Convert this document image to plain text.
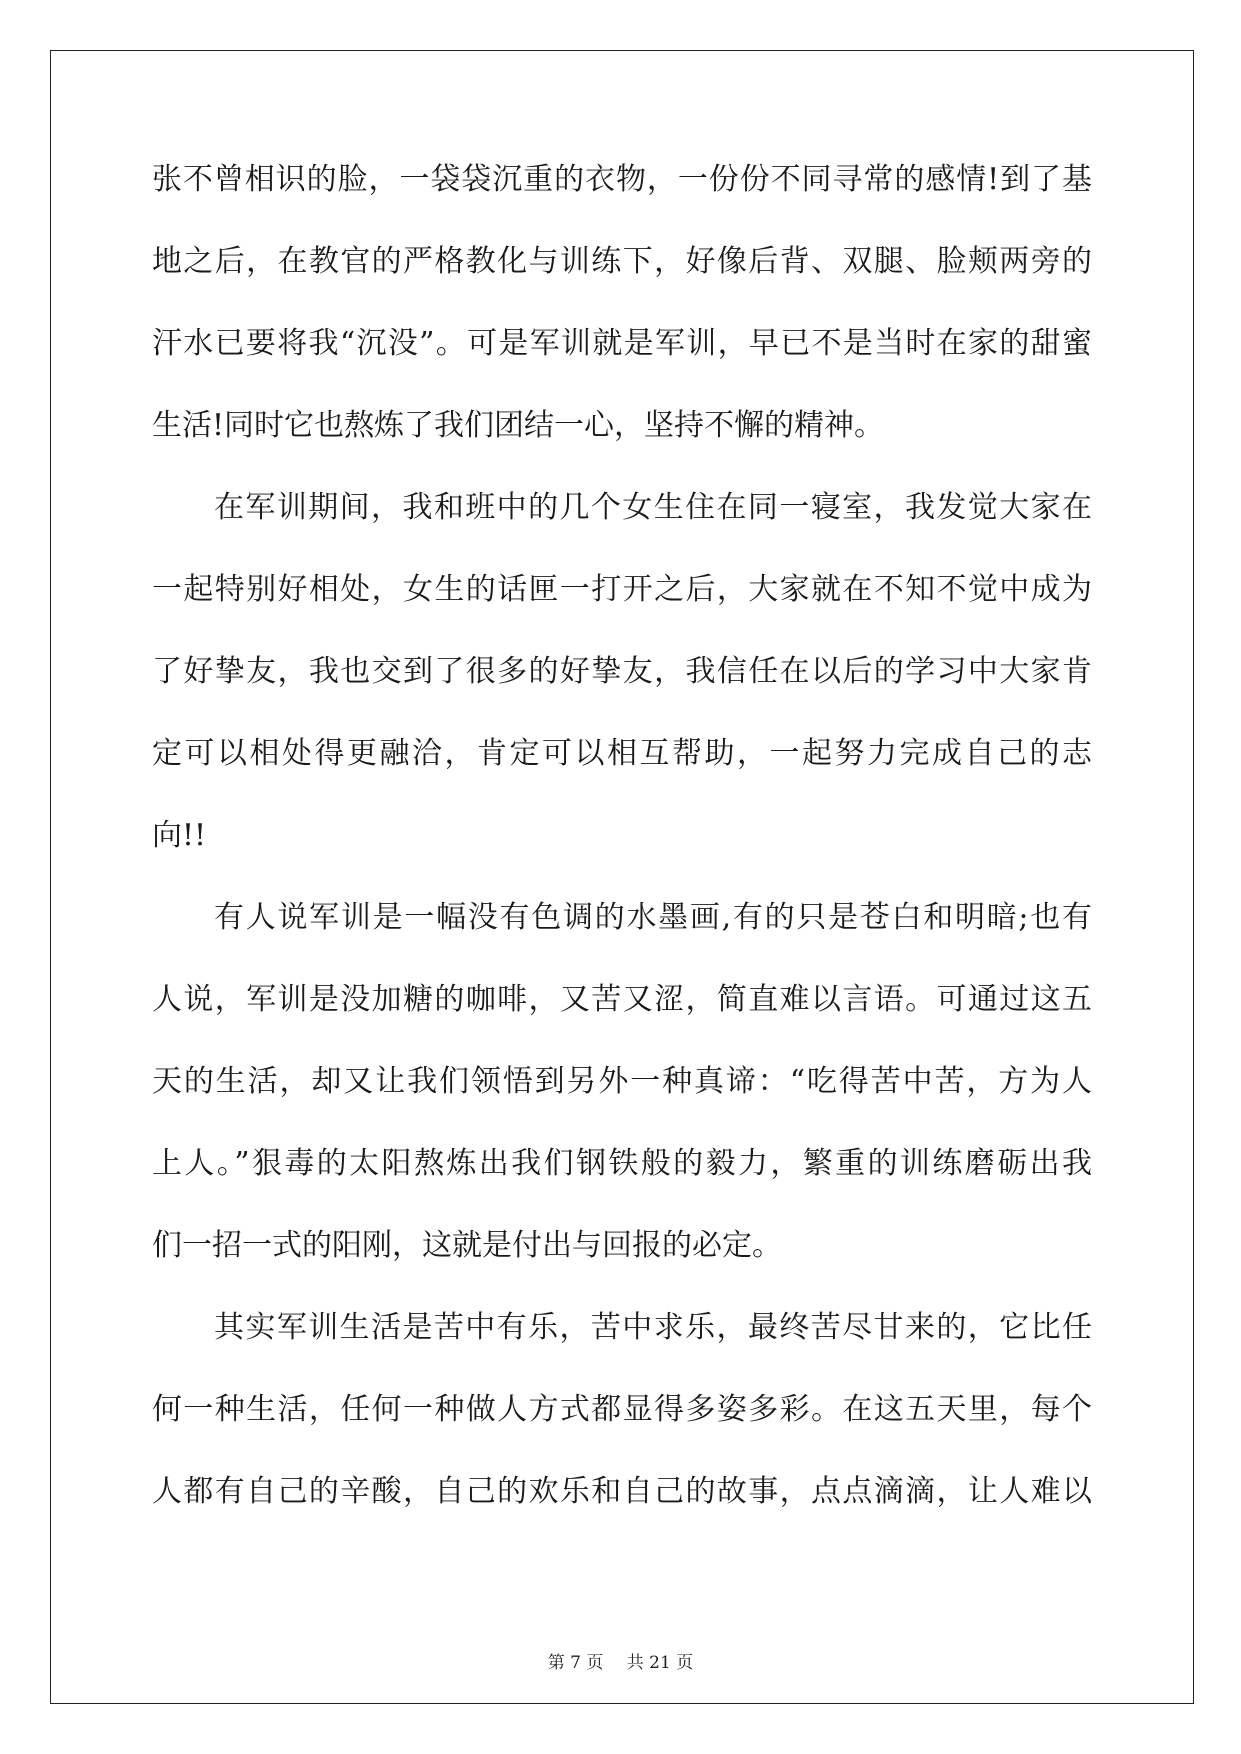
张不曾相识的脸，一袋袋沉重的衣物，一份份不同寻常的感情!到了基
地之后，在教官的严格教化与训练下，好像后背、双腿、脸颊两旁的
汗水已要将我“沉没”。可是军训就是军训，早已不是当时在家的甜蜜
生活!同时它也熬炼了我们团结一心，坚持不懈的精神。
在军训期间，我和班中的几个女生住在同一寝室，我发觉大家在
一起特别好相处，女生的话匣一打开之后，大家就在不知不觉中成为
了好挚友，我也交到了很多的好挚友，我信任在以后的学习中大家肯
定可以相处得更融洽，肯定可以相互帮助，一起努力完成自己的志
向!!
有人说军训是一幅没有色调的水墨画,有的只是苍白和明暗;也有
人说，军训是没加糖的咖啡，又苦又涩，简直难以言语。可通过这五
天的生活，却又让我们领悟到另外一种真谛：“吃得苦中苦，方为人
上人。”狠毒的太阳熬炼出我们钢铁般的毅力，繁重的训练磨砺出我
们一招一式的阳刚，这就是付出与回报的必定。
其实军训生活是苦中有乐，苦中求乐，最终苦尽甘来的，它比任
何一种生活，任何一种做人方式都显得多姿多彩。在这五天里，每个
人都有自己的辛酸，自己的欢乐和自己的故事，点点滴滴，让人难以
第 7 页 共 21 页
